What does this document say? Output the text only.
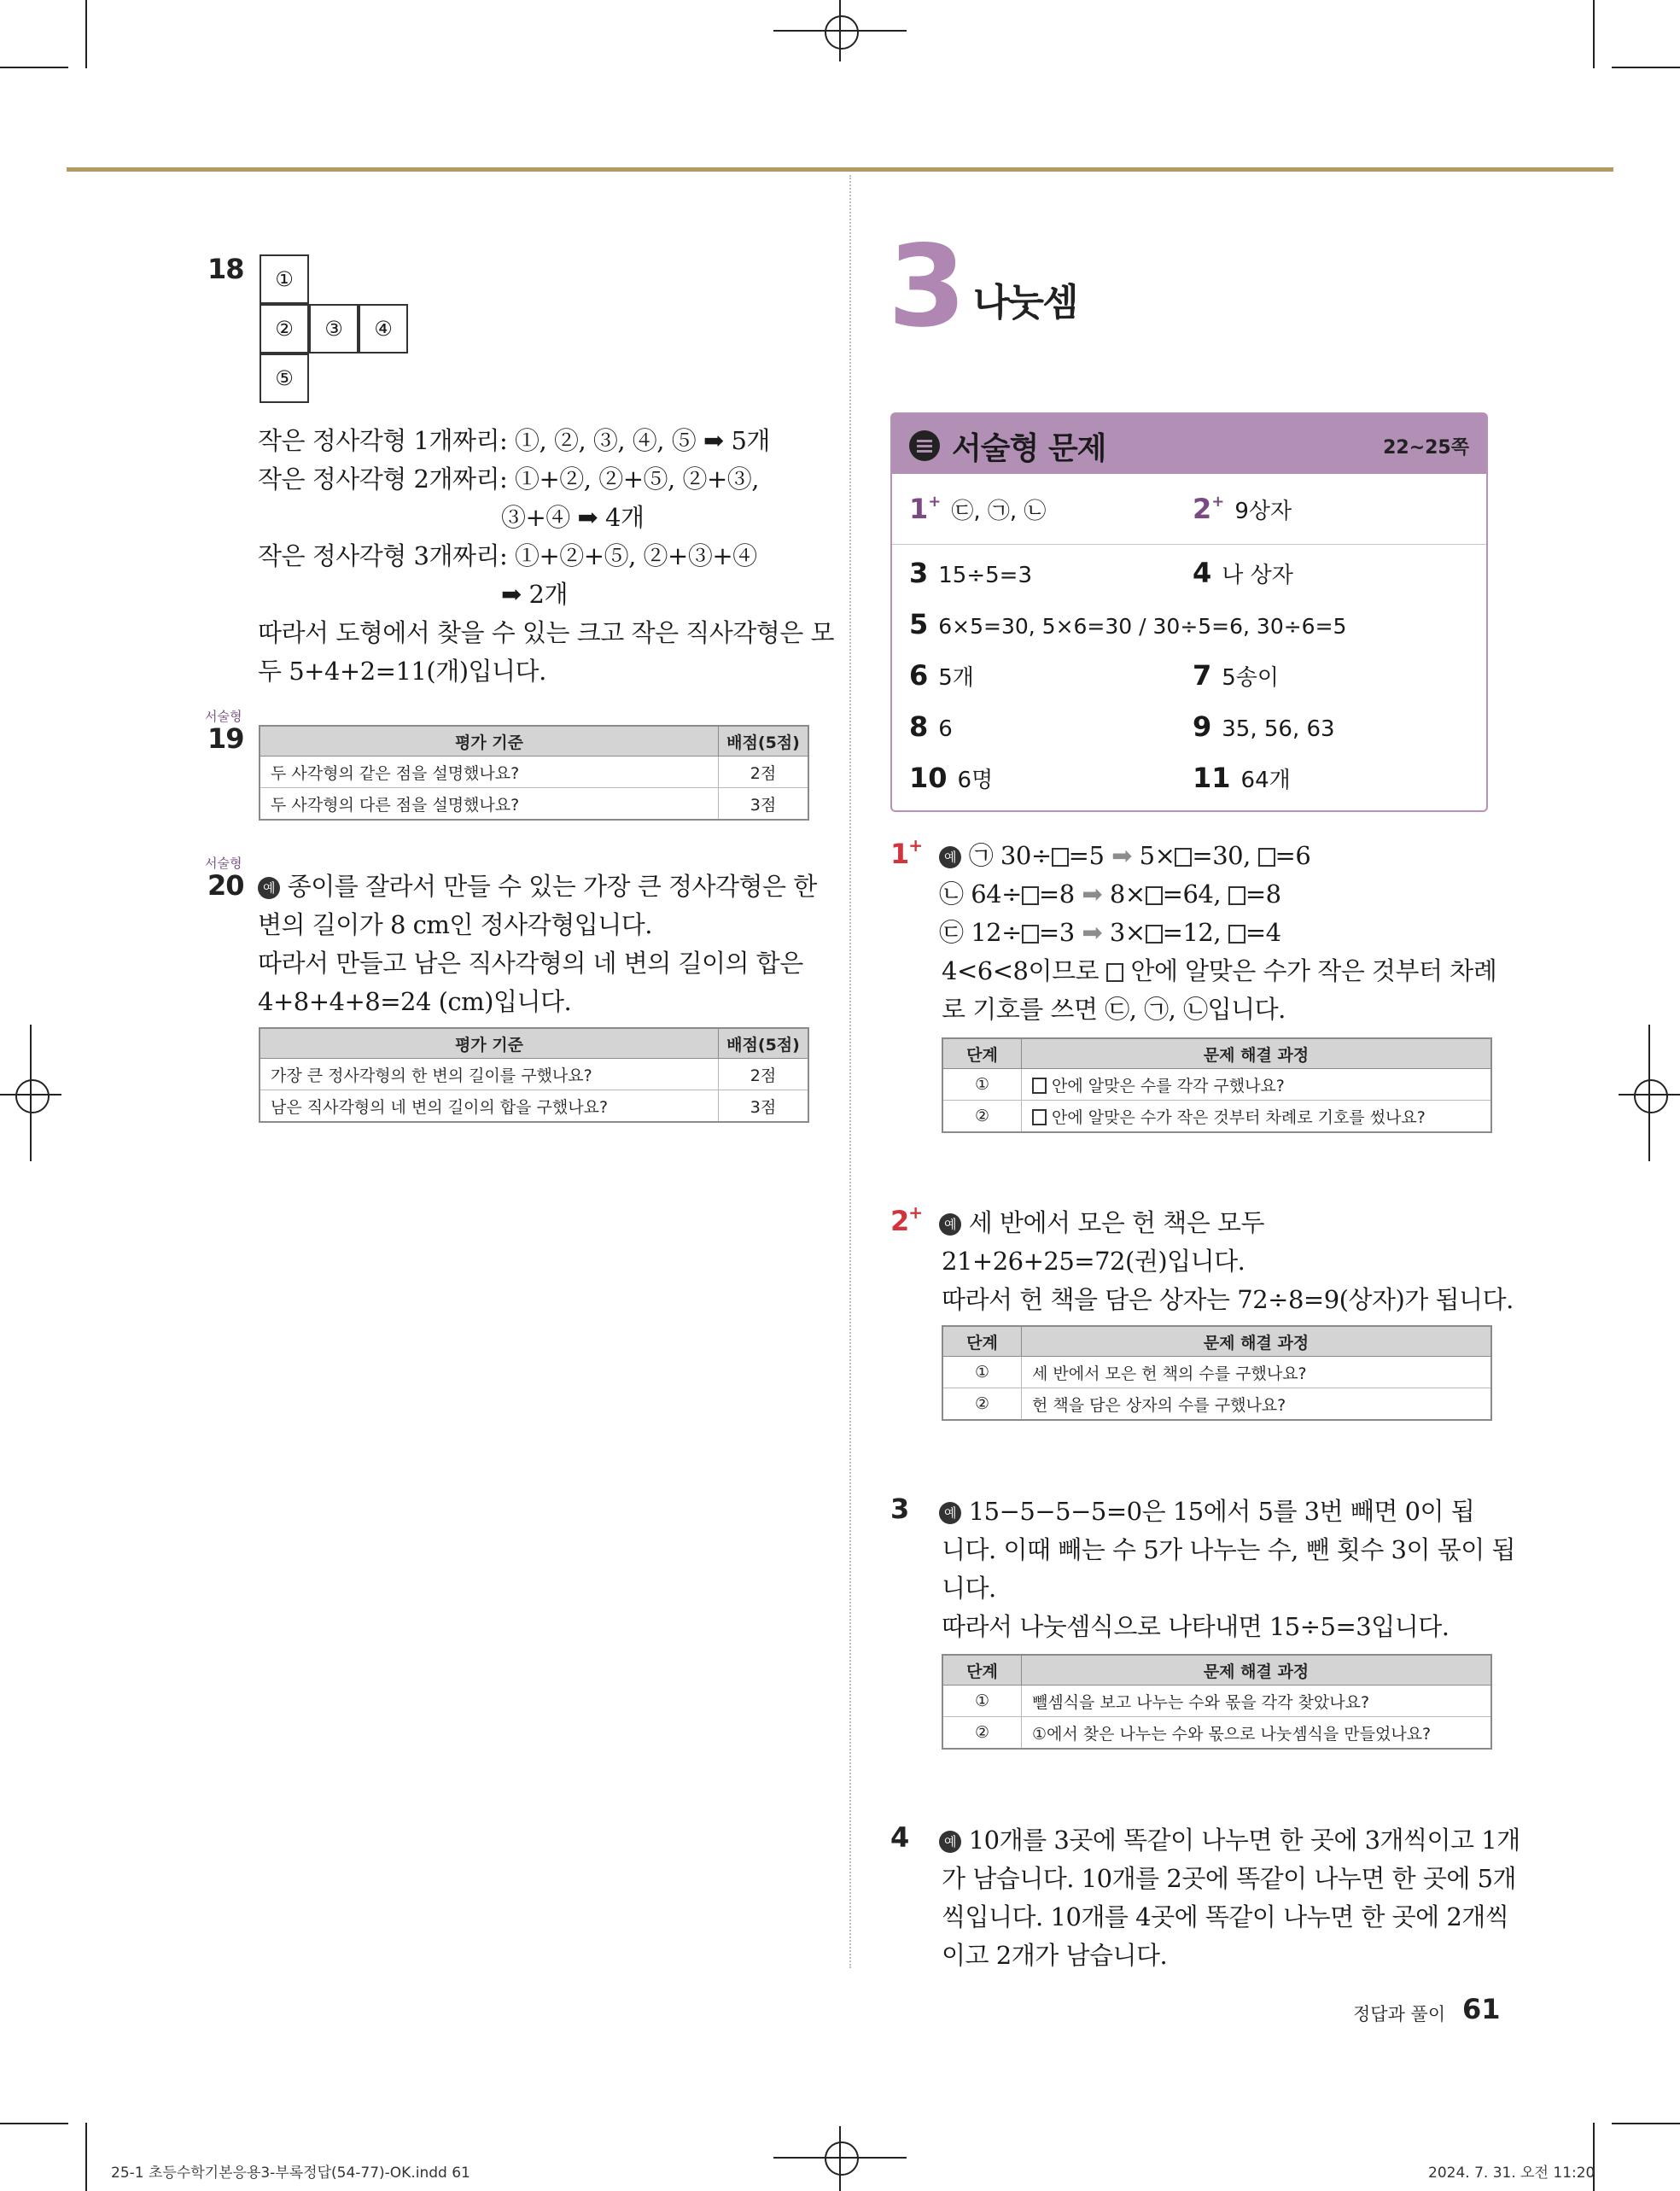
18	①
②	③	④
⑤
작은 정사각형 1개짜리: ①, ②, ③, ④, ⑤ ➡ 5개
작은 정사각형 2개짜리: ①+②, ②+⑤, ②+③,
③+④ ➡ 4개
작은 정사각형 3개짜리: ①+②+⑤, ②+③+④
➡ 2개
따라서 도형에서 찾을 수 있는 크고 작은 직사각형은 모
두 5+4+2=11(개)입니다.
서술형
19	평가 기준	배점(5점)
두 사각형의 같은 점을 설명했나요?	2점
두 사각형의 다른 점을 설명했나요?	3점
서술형
20	예 종이를 잘라서 만들 수 있는 가장 큰 정사각형은 한
변의 길이가 8 cm인 정사각형입니다.
따라서 만들고 남은 직사각형의 네 변의 길이의 합은
4+8+4+8=24 (cm)입니다.
평가 기준	배점(5점)
가장 큰 정사각형의 한 변의 길이를 구했나요?	2점
남은 직사각형의 네 변의 길이의 합을 구했나요?	3점
3 나눗셈
서술형 문제	22~25쪽
1+ ㉢, ㉠, ㉡	2+ 9상자
3 15÷5=3	4 나 상자
5 6×5=30, 5×6=30 / 30÷5=6, 30÷6=5
6 5개	7 5송이
8 6	9 35, 56, 63
10 6명	11 64개
1+
예 ㉠ 30÷ =5 ➡ 5× =30, =6
㉡ 64÷ =8 ➡ 8× =64, =8
㉢ 12÷ =3 ➡ 3× =12, =4
4<6<8이므로 안에 알맞은 수가 작은 것부터 차례
로 기호를 쓰면 ㉢, ㉠, ㉡입니다.
단계	문제 해결 과정
①	안에 알맞은 수를 각각 구했나요?
②	안에 알맞은 수가 작은 것부터 차례로 기호를 썼나요?
2+
예 세 반에서 모은 헌 책은 모두
21+26+25=72(권)입니다.
따라서 헌 책을 담은 상자는 72÷8=9(상자)가 됩니다.
단계	문제 해결 과정
①	세 반에서 모은 헌 책의 수를 구했나요?
②	헌 책을 담은 상자의 수를 구했나요?
3	예 15−5−5−5=0은 15에서 5를 3번 빼면 0이 됩
니다. 이때 빼는 수 5가 나누는 수, 뺀 횟수 3이 몫이 됩
니다.
따라서 나눗셈식으로 나타내면 15÷5=3입니다.
단계	문제 해결 과정
①	뺄셈식을 보고 나누는 수와 몫을 각각 찾았나요?
②	①에서 찾은 나누는 수와 몫으로 나눗셈식을 만들었나요?
4	예 10개를 3곳에 똑같이 나누면 한 곳에 3개씩이고 1개
가 남습니다. 10개를 2곳에 똑같이 나누면 한 곳에 5개
씩입니다. 10개를 4곳에 똑같이 나누면 한 곳에 2개씩
이고 2개가 남습니다.
정답과 풀이 61
25-1 초등수학기본응용3-부록정답(54-77)-OK.indd 61	2024. 7. 31. 오전 11:20
